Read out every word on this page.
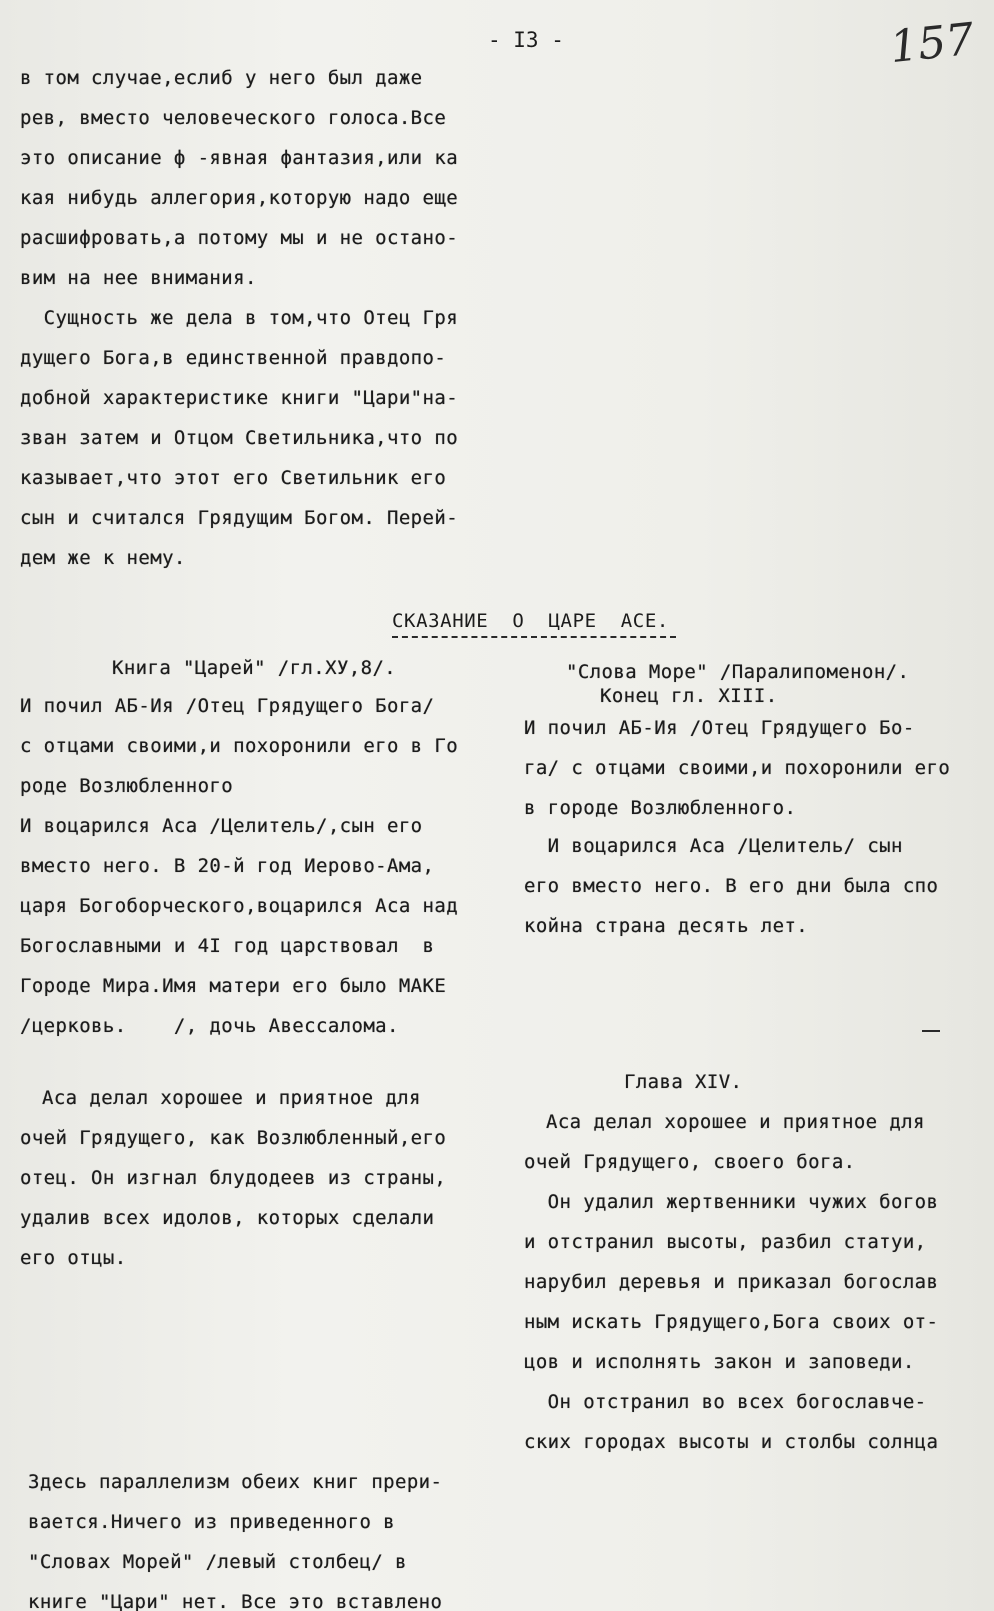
- I3 -	157
в том случае,еслиб у него был даже
рев, вместо человеческого голоса.Все
это описание ф -явная фантазия,или ка
кая нибудь аллегория,которую надо еще
расшифровать,а потому мы и не остано-
вим на нее внимания.
Сущность же дела в том,что Отец Гря
дущего Бога,в единственной правдопо-
добной характеристике книги "Цари"на-
зван затем и Отцом Светильника,что по
казывает,что этот его Светильник его
сын и считался Грядущим Богом. Перей-
дем же к нему.
СКАЗАНИЕ  О  ЦАРЕ  АСЕ.
Книга "Царей" /гл.ХУ,8/.
И почил АБ-Ия /Отец Грядущего Бога/
с отцами своими,и похоронили его в Го
роде Возлюбленного
И воцарился Аса /Целитель/,сын его
вместо него. В 20-й год Иерово-Ама,
царя Богоборческого,воцарился Аса над
Богославными и 4I год царствовал  в
Городе Мира.Имя матери его было МАКЕ
/церковь.    /, дочь Авессалома.
Аса делал хорошее и приятное для
очей Грядущего, как Возлюбленный,его
отец. Он изгнал блудодеев из страны,
удалив всех идолов, которых сделали
его отцы.
Здесь параллелизм обеих книг прери-
вается.Ничего из приведенного в
"Словах Морей" /левый столбец/ в
книге "Цари" нет. Все это вставлено
"Слова Море" /Паралипоменон/.
Конец гл. XIII.
И почил АБ-Ия /Отец Грядущего Бо-
га/ с отцами своими,и похоронили его
в городе Возлюбленного.
И воцарился Аса /Целитель/ сын
его вместо него. В его дни была спо
койна страна десять лет.
Глава XIV.
Аса делал хорошее и приятное для
очей Грядущего, своего бога.
Он удалил жертвенники чужих богов
и отстранил высоты, разбил статуи,
нарубил деревья и приказал богослав
ным искать Грядущего,Бога своих от-
цов и исполнять закон и заповеди.
Он отстранил во всех богославче-
ских городах высоты и столбы солнца
